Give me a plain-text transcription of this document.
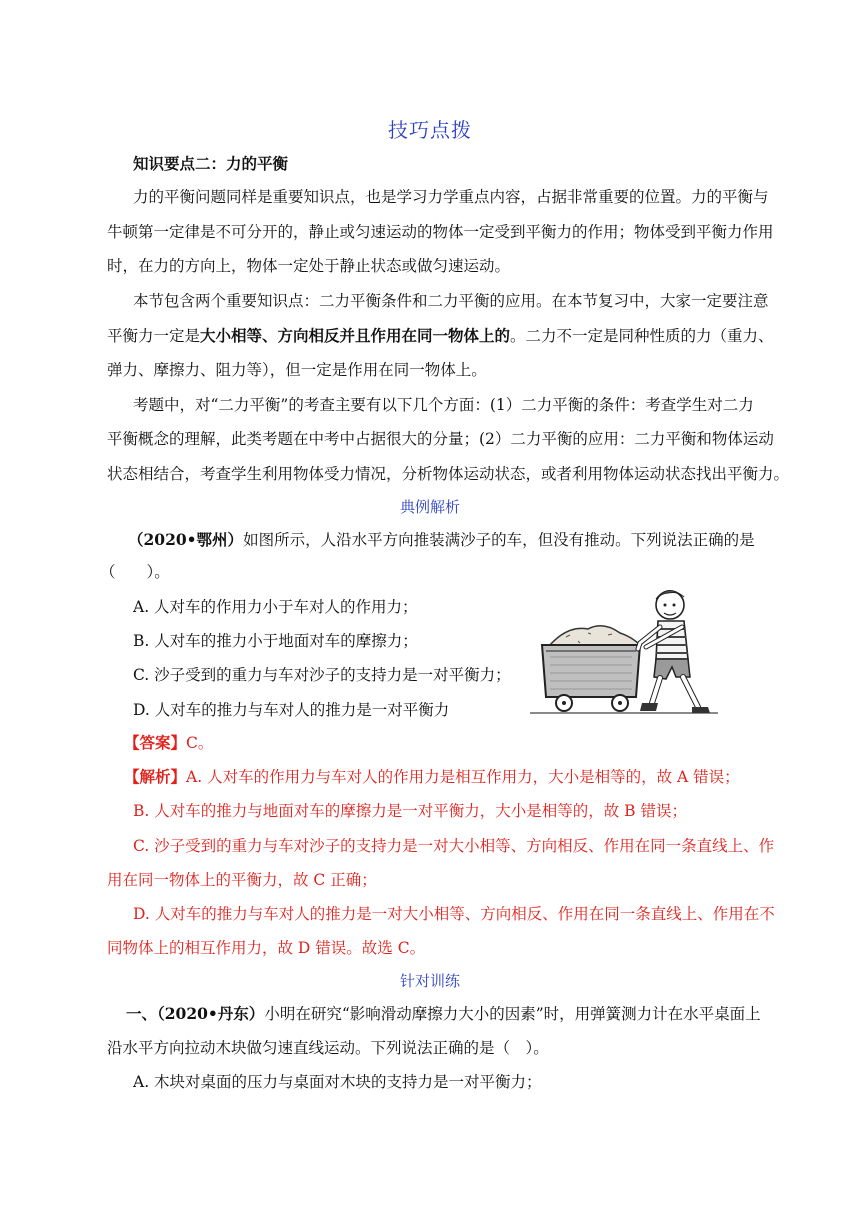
技巧点拨
知识要点二：力的平衡
力的平衡问题同样是重要知识点，也是学习力学重点内容，占据非常重要的位置。力的平衡与
牛顿第一定律是不可分开的，静止或匀速运动的物体一定受到平衡力的作用；物体受到平衡力作用
时，在力的方向上，物体一定处于静止状态或做匀速运动。
本节包含两个重要知识点：二力平衡条件和二力平衡的应用。在本节复习中，大家一定要注意
平衡力一定是大小相等、方向相反并且作用在同一物体上的。二力不一定是同种性质的力（重力、
弹力、摩擦力、阻力等），但一定是作用在同一物体上。
考题中，对“二力平衡”的考查主要有以下几个方面：(1）二力平衡的条件：考查学生对二力
平衡概念的理解，此类考题在中考中占据很大的分量；(2）二力平衡的应用：二力平衡和物体运动
状态相结合，考查学生利用物体受力情况，分析物体运动状态，或者利用物体运动状态找出平衡力。
典例解析
（2020•鄂州）如图所示，人沿水平方向推装满沙子的车，但没有推动。下列说法正确的是
（　　）。
A. 人对车的作用力小于车对人的作用力；
B. 人对车的推力小于地面对车的摩擦力；
C. 沙子受到的重力与车对沙子的支持力是一对平衡力；
D. 人对车的推力与车对人的推力是一对平衡力
【答案】C。
【解析】A. 人对车的作用力与车对人的作用力是相互作用力，大小是相等的，故 A 错误；
B. 人对车的推力与地面对车的摩擦力是一对平衡力，大小是相等的，故 B 错误；
C. 沙子受到的重力与车对沙子的支持力是一对大小相等、方向相反、作用在同一条直线上、作
用在同一物体上的平衡力，故 C 正确；
D. 人对车的推力与车对人的推力是一对大小相等、方向相反、作用在同一条直线上、作用在不
同物体上的相互作用力，故 D 错误。故选 C。
针对训练
一、（2020•丹东）小明在研究“影响滑动摩擦力大小的因素”时，用弹簧测力计在水平桌面上
沿水平方向拉动木块做匀速直线运动。下列说法正确的是（　）。
A. 木块对桌面的压力与桌面对木块的支持力是一对平衡力；
